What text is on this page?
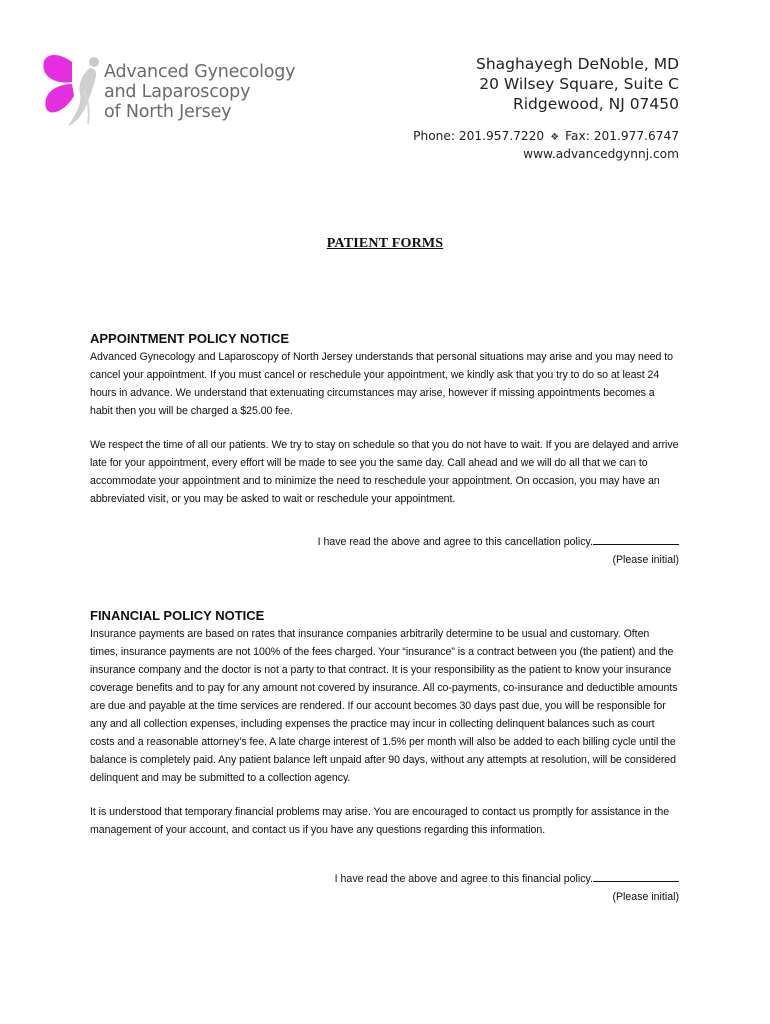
Advanced Gynecology
and Laparoscopy
of North Jersey
Shaghayegh DeNoble, MD
20 Wilsey Square, Suite C
Ridgewood, NJ 07450
Phone: 201.957.7220 ❖ Fax: 201.977.6747
www.advancedgynnj.com
PATIENT FORMS
APPOINTMENT POLICY NOTICE

Advanced Gynecology and Laparoscopy of North Jersey understands that personal situations may arise and you may need to cancel your appointment. If you must cancel or reschedule your appointment, we kindly ask that you try to do so at least 24 hours in advance. We understand that extenuating circumstances may arise, however if missing appointments becomes a habit then you will be charged a $25.00 fee.

We respect the time of all our patients. We try to stay on schedule so that you do not have to wait. If you are delayed and arrive late for your appointment, every effort will be made to see you the same day. Call ahead and we will do all that we can to accommodate your appointment and to minimize the need to reschedule your appointment. On occasion, you may have an abbreviated visit, or you may be asked to wait or reschedule your appointment.

I have read the above and agree to this cancellation policy.
(Please initial)
FINANCIAL POLICY NOTICE

Insurance payments are based on rates that insurance companies arbitrarily determine to be usual and customary. Often times, insurance payments are not 100% of the fees charged. Your “insurance” is a contract between you (the patient) and the insurance company and the doctor is not a party to that contract. It is your responsibility as the patient to know your insurance coverage benefits and to pay for any amount not covered by insurance. All co-payments, co-insurance and deductible amounts are due and payable at the time services are rendered. If our account becomes 30 days past due, you will be responsible for any and all collection expenses, including expenses the practice may incur in collecting delinquent balances such as court costs and a reasonable attorney’s fee. A late charge interest of 1.5% per month will also be added to each billing cycle until the balance is completely paid. Any patient balance left unpaid after 90 days, without any attempts at resolution, will be considered delinquent and may be submitted to a collection agency.

It is understood that temporary financial problems may arise. You are encouraged to contact us promptly for assistance in the management of your account, and contact us if you have any questions regarding this information.

I have read the above and agree to this financial policy.
(Please initial)
